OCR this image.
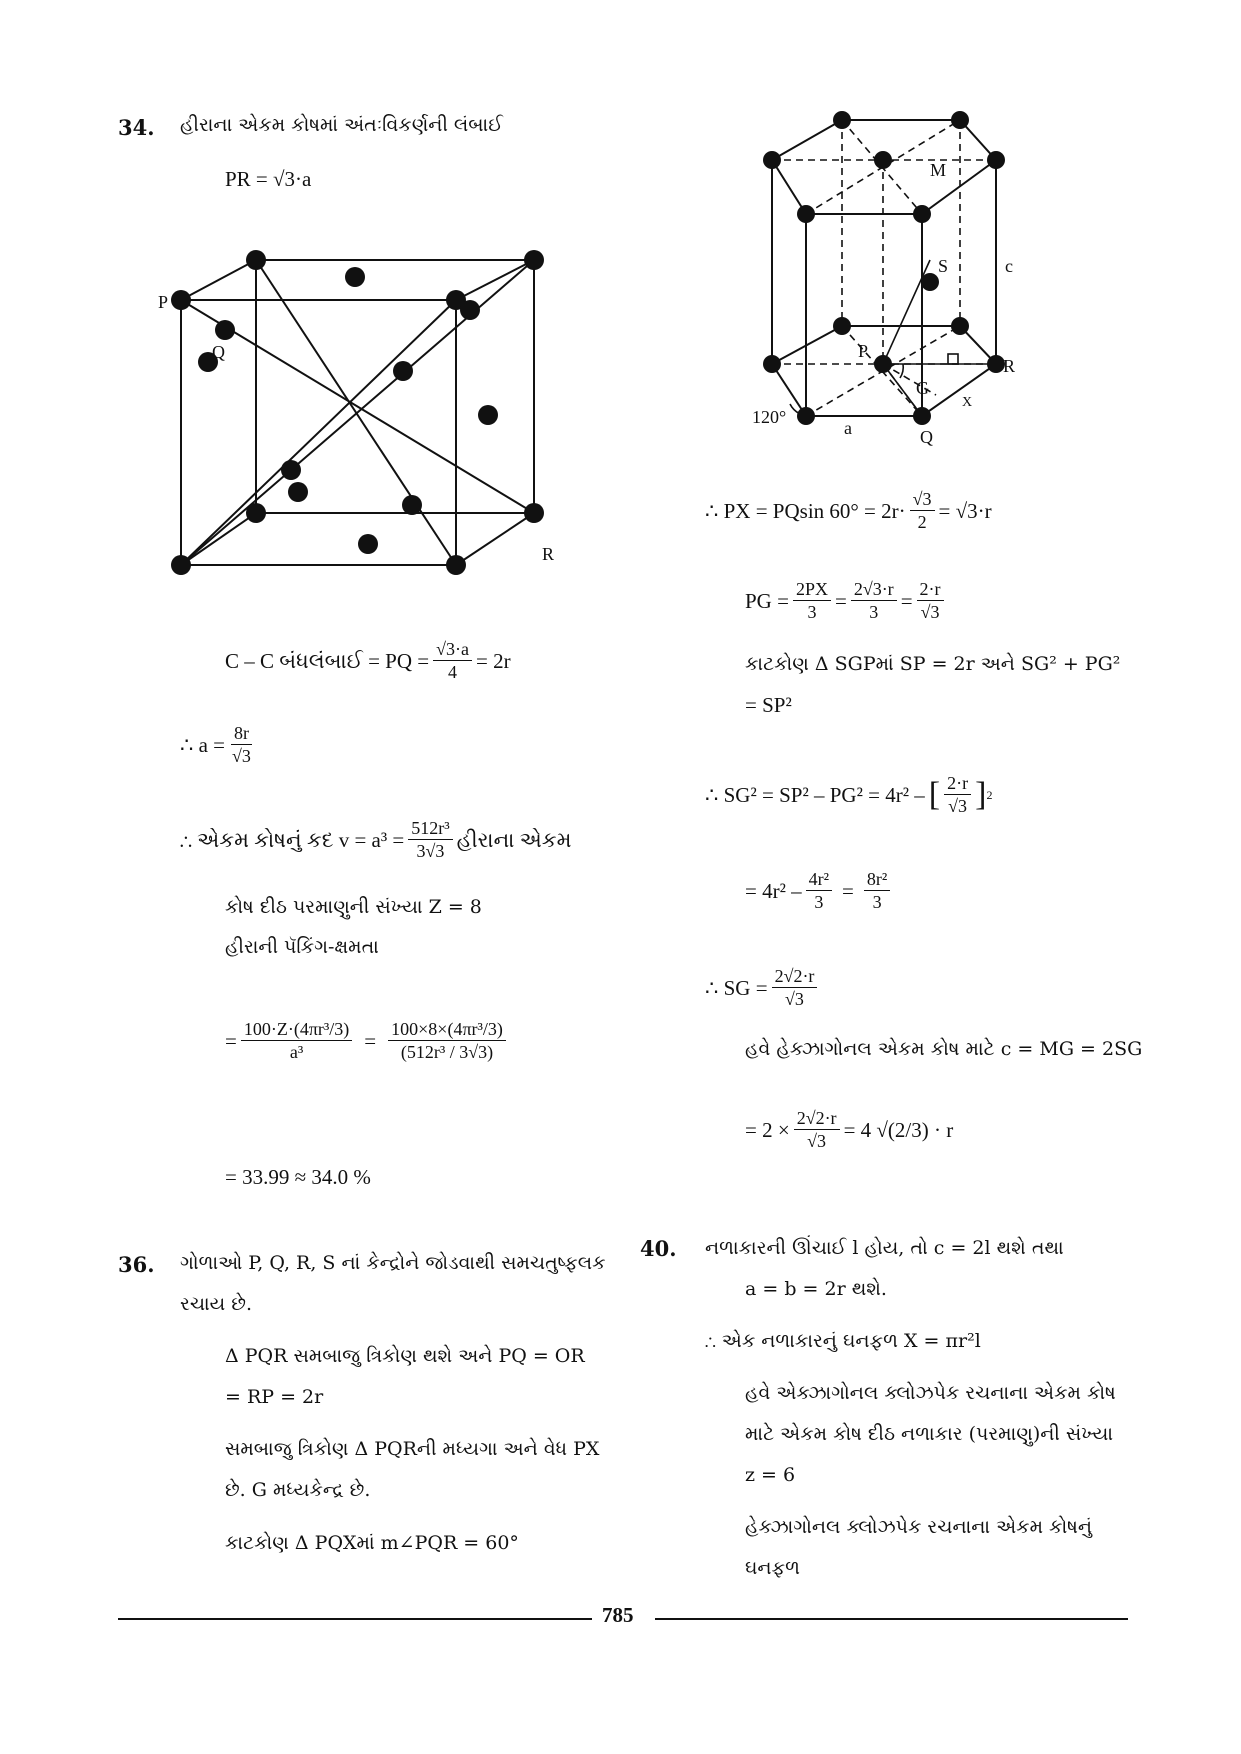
34. હીરાના એકમ કોષમાં અંતઃવિકર્ણની લંબાઈ
PR = √3·a
P
Q
R
C – C બંધલંબાઈ = PQ = $\frac{√3\cdot a}{4} = 2r$
∴ $a = \frac{8r}{√3}$
∴ એકમ કોષનું કદ $v = a^3 = \frac{\text{512r³}}{3√3}$ હીરાના એકમ
કોષ દીઠ પરમાણુની સંખ્યા Z = 8
હીરાની પૅકિંગ-ક્ષમતા
= $\frac{\text{100·Z·(4πr³/3)}}{\text{a³}} = \frac{\text{100×8×(4πr³/3)}}{\text{(512r³ / 3√3)}}$
= 33.99 ≈ 34.0 %
36. ગોળાઓ P, Q, R, S નાં કેન્દ્રોને જોડવાથી સમચતુષ્ફલક
રચાય છે.
Δ PQR સમબાજુ ત્રિકોણ થશે અને PQ = OR
= RP = 2r
સમબાજુ ત્રિકોણ Δ PQRની મધ્યગા અને વેધ PX
છે. G મધ્યકેન્દ્ર છે.
કાટકોણ Δ PQXમાં m∠PQR = 60°
M
S	c
P
R
G
X
120°
a	Q
∴ PX = PQsin $60^\circ = 2r\cdot \frac{√3}{2} = √3\cdot r$
PG = $\frac{2PX}{3} = \frac{2√3\cdot r}{3} = \frac{2\cdot r}{√3}$
કાટકોણ Δ SGPમાં SP = 2r અને SG² + PG²
= SP²
∴ SG² = SP² – PG² = 4r² – [ $\frac{2\cdot r}{√3}$ ] 2
= $4r^2 - \frac{\text{4r²}}{3} = \frac{\text{8r²}}{3}$
∴ SG = $\frac{2√2\cdot r}{√3}$
હવે હેક્ઝાગોનલ એકમ કોષ માટે c = MG = 2SG
= $2 \times \frac{2√2\cdot r}{√3} = 4$ √(2/3) · r
40. નળાકારની ઊંચાઈ l હોય, તો c = 2l થશે તથા
a = b = 2r થશે.
∴ એક નળાકારનું ઘનફળ X = πr²l
હવે એક્ઝાગોનલ ક્લોઝપેક રચનાના એકમ કોષ
માટે એકમ કોષ દીઠ નળાકાર (પરમાણુ)ની સંખ્યા
z = 6
હેક્ઝાગોનલ ક્લોઝપેક રચનાના એકમ કોષનું
ઘનફળ
785
